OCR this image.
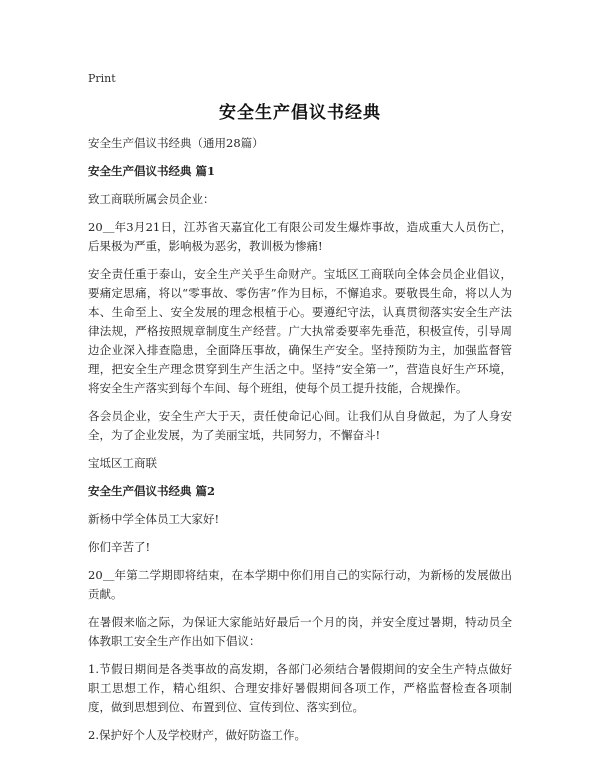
Print

安全生产倡议书经典

安全生产倡议书经典（通用28篇）

安全生产倡议书经典 篇1

致工商联所属会员企业：

20＿年3月21日，江苏省天嘉宜化工有限公司发生爆炸事故，造成重大人员伤亡，后果极为严重，影响极为恶劣，教训极为惨痛!

安全责任重于泰山，安全生产关乎生命财产。宝坻区工商联向全体会员企业倡议，要痛定思痛，将以“零事故、零伤害”作为目标，不懈追求。要敬畏生命，将以人为本、生命至上、安全发展的理念根植于心。要遵纪守法，认真贯彻落实安全生产法律法规，严格按照规章制度生产经营。广大执常委要率先垂范，积极宣传，引导周边企业深入排查隐患，全面降压事故，确保生产安全。坚持预防为主，加强监督管理，把安全生产理念贯穿到生产生活之中。坚持“安全第一”，营造良好生产环境，将安全生产落实到每个车间、每个班组，使每个员工提升技能，合规操作。

各会员企业，安全生产大于天，责任使命记心间。让我们从自身做起，为了人身安全，为了企业发展，为了美丽宝坻，共同努力，不懈奋斗!

宝坻区工商联

安全生产倡议书经典 篇2

新杨中学全体员工大家好!

你们辛苦了!

20＿年第二学期即将结束，在本学期中你们用自己的实际行动，为新杨的发展做出贡献。

在暑假来临之际，为保证大家能站好最后一个月的岗，并安全度过暑期，特动员全体教职工安全生产作出如下倡议：

1.节假日期间是各类事故的高发期，各部门必须结合暑假期间的安全生产特点做好职工思想工作，精心组织、合理安排好暑假期间各项工作，严格监督检查各项制度，做到思想到位、布置到位、宣传到位、落实到位。

2.保护好个人及学校财产，做好防盗工作。
